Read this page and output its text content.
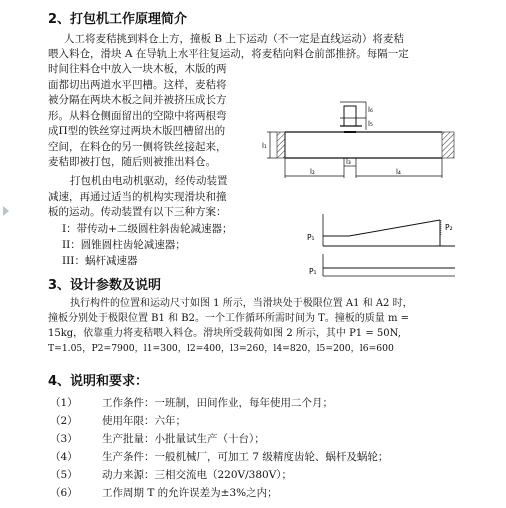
2、打包机工作原理简介
人工将麦秸挑到料仓上方，撞板 B 上下运动（不一定是直线运动）将麦秸
喂入料仓，滑块 A 在导轨上水平往复运动，将麦秸向料仓前部推挤。每隔一定
时间往料仓中放入一块木板，木版的两
面都切出两道水平凹槽。这样，麦秸将
被分隔在两块木板之间并被挤压成长方
形。从料仓侧面留出的空隙中将两根弯
成Π型的铁丝穿过两块木版凹槽留出的
空间，在料仓的另一侧将铁丝接起来，
麦秸即被打包，随后则被推出料仓。
打包机由电动机驱动，经传动装置
减速，再通过适当的机构实现滑块和撞
板的运动。传动装置有以下三种方案：
I：带传动+二级圆柱斜齿轮减速器；
II：圆锥圆柱齿轮减速器；
III：蜗杆减速器
l₆
l₅
l₁
l₃
l₂	l₄
P₁
P₂
P₁
3、设计参数及说明
执行构件的位置和运动尺寸如图 1 所示，当滑块处于极限位置 A1 和 A2 时，
撞板分别处于极限位置 B1 和 B2。一个工作循环所需时间为 T。撞板的质量 m =
15kg，依靠重力将麦秸喂入料仓。滑块所受载荷如图 2 所示，其中 P1 = 50N,
T=1.05，P2=7900，l1=300，l2=400，l3=260，l4=820，l5=200，l6=600
4、说明和要求：
（1） 工作条件：一班制，田间作业，每年使用二个月；
（2） 使用年限：六年；
（3） 生产批量：小批量试生产（十台）；
（4） 生产条件：一般机械厂，可加工 7 级精度齿轮、蜗杆及蜗轮；
（5） 动力来源：三相交流电（220V/380V）；
（6） 工作周期 T 的允许误差为±3%之内；
